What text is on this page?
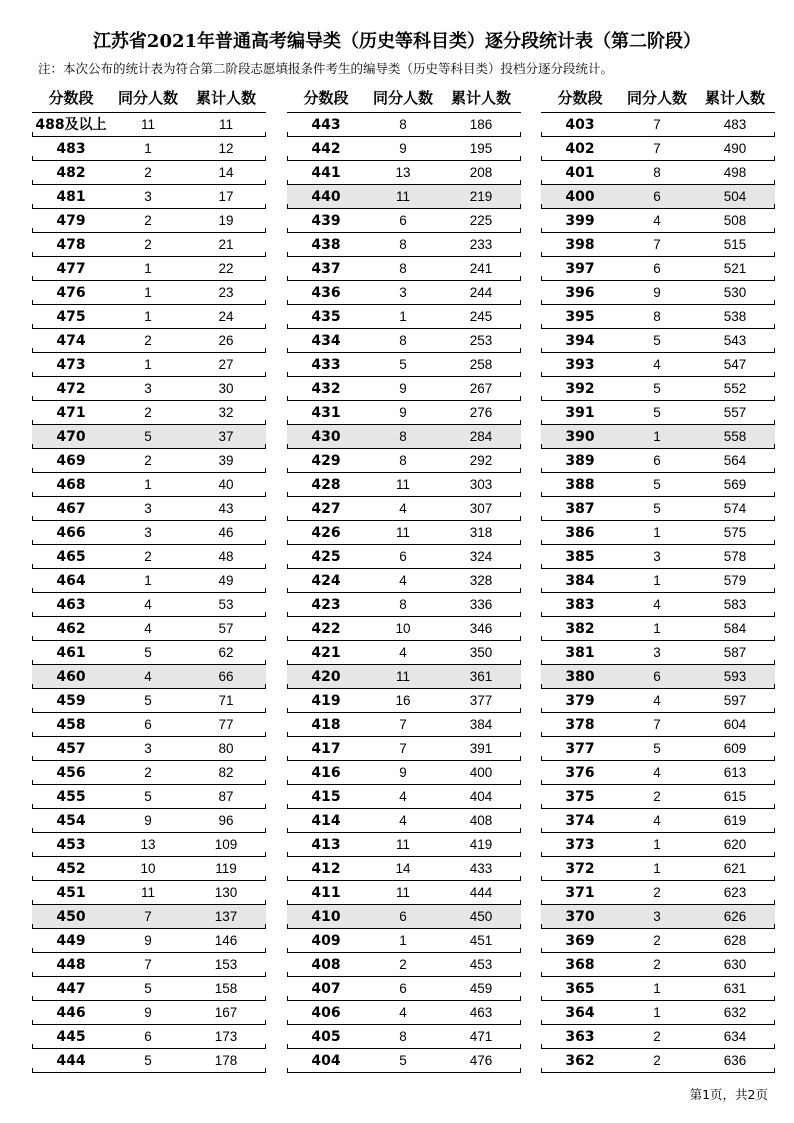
江苏省2021年普通高考编导类（历史等科目类）逐分段统计表（第二阶段）
注：本次公布的统计表为符合第二阶段志愿填报条件考生的编导类（历史等科目类）投档分逐分段统计。
分数段	同分人数	累计人数
488及以上	11	11
483	1	12
482	2	14
481	3	17
479	2	19
478	2	21
477	1	22
476	1	23
475	1	24
474	2	26
473	1	27
472	3	30
471	2	32
470	5	37
469	2	39
468	1	40
467	3	43
466	3	46
465	2	48
464	1	49
463	4	53
462	4	57
461	5	62
460	4	66
459	5	71
458	6	77
457	3	80
456	2	82
455	5	87
454	9	96
453	13	109
452	10	119
451	11	130
450	7	137
449	9	146
448	7	153
447	5	158
446	9	167
445	6	173
444	5	178
分数段	同分人数	累计人数
443	8	186
442	9	195
441	13	208
440	11	219
439	6	225
438	8	233
437	8	241
436	3	244
435	1	245
434	8	253
433	5	258
432	9	267
431	9	276
430	8	284
429	8	292
428	11	303
427	4	307
426	11	318
425	6	324
424	4	328
423	8	336
422	10	346
421	4	350
420	11	361
419	16	377
418	7	384
417	7	391
416	9	400
415	4	404
414	4	408
413	11	419
412	14	433
411	11	444
410	6	450
409	1	451
408	2	453
407	6	459
406	4	463
405	8	471
404	5	476
分数段	同分人数	累计人数
403	7	483
402	7	490
401	8	498
400	6	504
399	4	508
398	7	515
397	6	521
396	9	530
395	8	538
394	5	543
393	4	547
392	5	552
391	5	557
390	1	558
389	6	564
388	5	569
387	5	574
386	1	575
385	3	578
384	1	579
383	4	583
382	1	584
381	3	587
380	6	593
379	4	597
378	7	604
377	5	609
376	4	613
375	2	615
374	4	619
373	1	620
372	1	621
371	2	623
370	3	626
369	2	628
368	2	630
365	1	631
364	1	632
363	2	634
362	2	636
第1页，共2页
